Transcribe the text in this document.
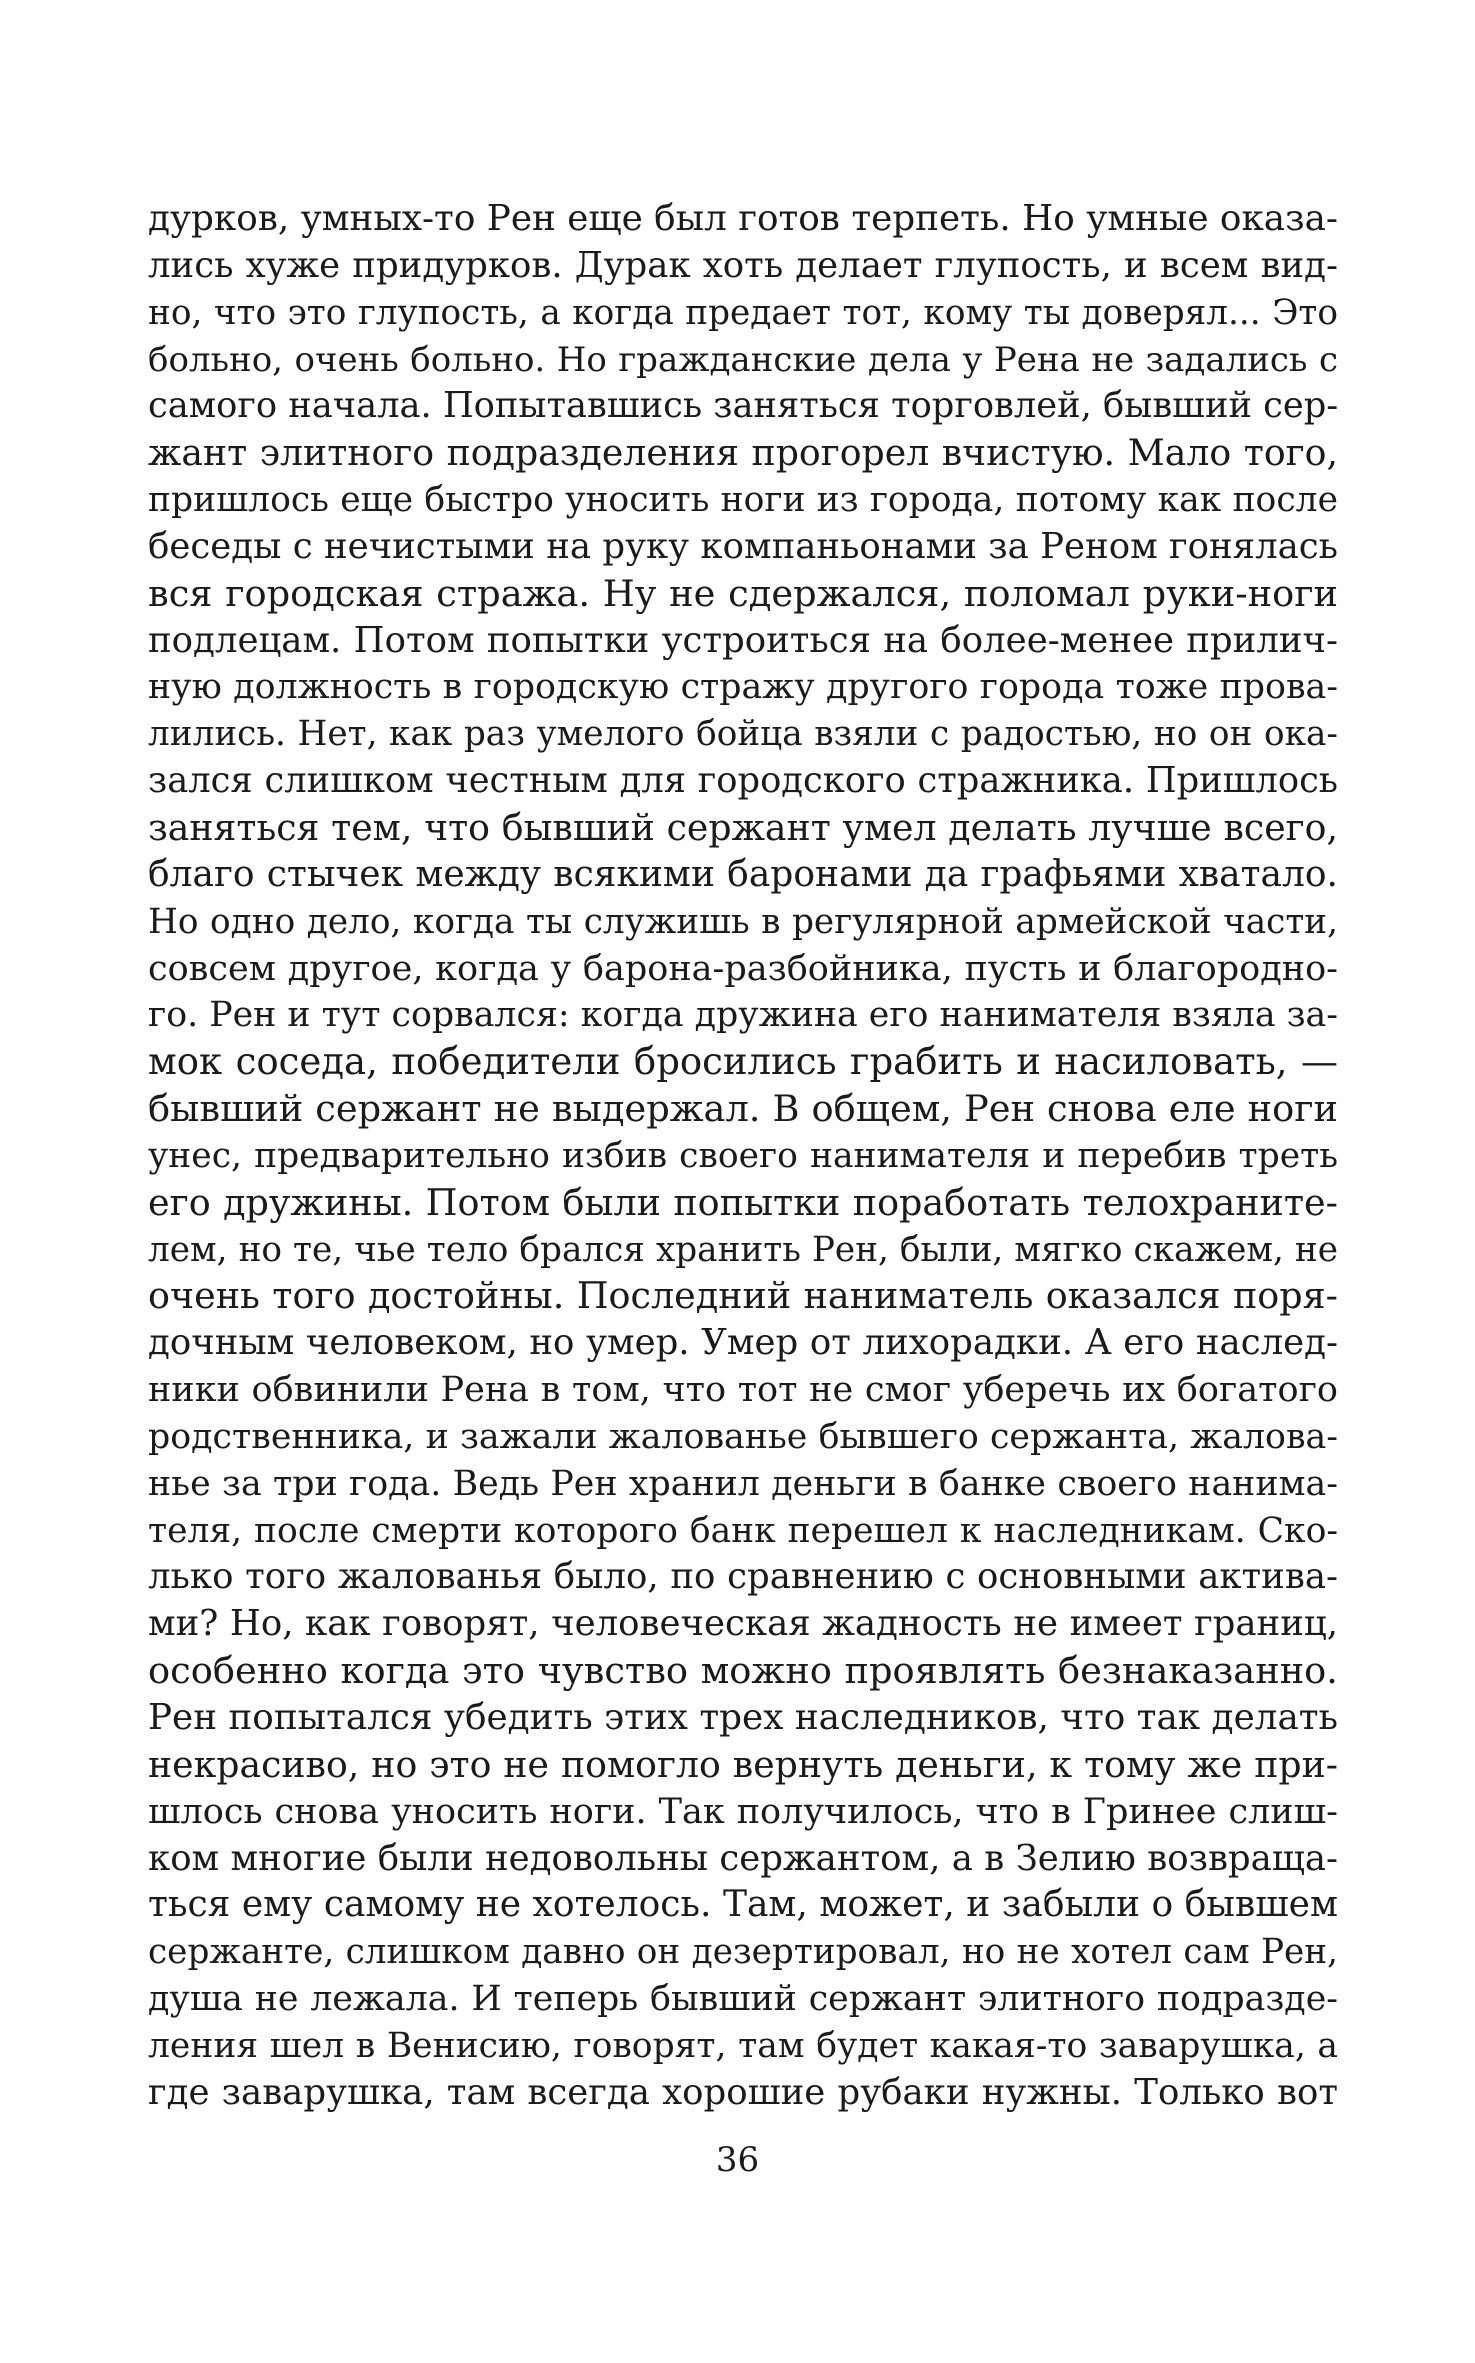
дурков, умных-то Рен еще был готов терпеть. Но умные оказа-
лись хуже придурков. Дурак хоть делает глупость, и всем вид-
но, что это глупость, а когда предает тот, кому ты доверял... Это
больно, очень больно. Но гражданские дела у Рена не задались с
самого начала. Попытавшись заняться торговлей, бывший сер-
жант элитного подразделения прогорел вчистую. Мало того,
пришлось еще быстро уносить ноги из города, потому как после
беседы с нечистыми на руку компаньонами за Реном гонялась
вся городская стража. Ну не сдержался, поломал руки-ноги
подлецам. Потом попытки устроиться на более-менее прилич-
ную должность в городскую стражу другого города тоже прова-
лились. Нет, как раз умелого бойца взяли с радостью, но он ока-
зался слишком честным для городского стражника. Пришлось
заняться тем, что бывший сержант умел делать лучше всего,
благо стычек между всякими баронами да графьями хватало.
Но одно дело, когда ты служишь в регулярной армейской части,
совсем другое, когда у барона-разбойника, пусть и благородно-
го. Рен и тут сорвался: когда дружина его нанимателя взяла за-
мок соседа, победители бросились грабить и насиловать, —
бывший сержант не выдержал. В общем, Рен снова еле ноги
унес, предварительно избив своего нанимателя и перебив треть
его дружины. Потом были попытки поработать телохраните-
лем, но те, чье тело брался хранить Рен, были, мягко скажем, не
очень того достойны. Последний наниматель оказался поря-
дочным человеком, но умер. Умер от лихорадки. А его наслед-
ники обвинили Рена в том, что тот не смог уберечь их богатого
родственника, и зажали жалованье бывшего сержанта, жалова-
нье за три года. Ведь Рен хранил деньги в банке своего нанима-
теля, после смерти которого банк перешел к наследникам. Ско-
лько того жалованья было, по сравнению с основными актива-
ми? Но, как говорят, человеческая жадность не имеет границ,
особенно когда это чувство можно проявлять безнаказанно.
Рен попытался убедить этих трех наследников, что так делать
некрасиво, но это не помогло вернуть деньги, к тому же при-
шлось снова уносить ноги. Так получилось, что в Гринее слиш-
ком многие были недовольны сержантом, а в Зелию возвраща-
ться ему самому не хотелось. Там, может, и забыли о бывшем
сержанте, слишком давно он дезертировал, но не хотел сам Рен,
душа не лежала. И теперь бывший сержант элитного подразде-
ления шел в Венисию, говорят, там будет какая-то заварушка, а
где заварушка, там всегда хорошие рубаки нужны. Только вот
36
